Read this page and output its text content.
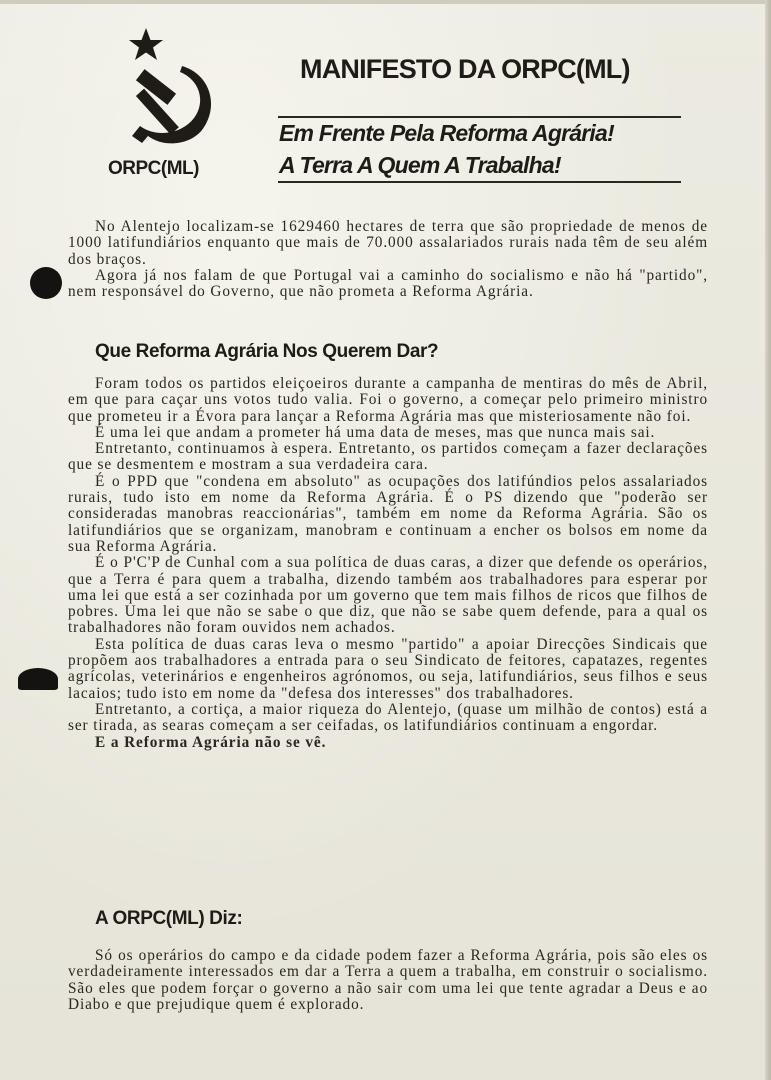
ORPC(ML)
MANIFESTO DA ORPC(ML)
Em Frente Pela Reforma Agrária!
A Terra A Quem A Trabalha!

No Alentejo localizam-se 1629460 hectares de terra que são propriedade de menos de 1000 latifundiários enquanto que mais de 70.000 assalariados rurais nada têm de seu além dos braços.

Agora já nos falam de que Portugal vai a caminho do socialismo e não há "partido", nem responsável do Governo, que não prometa a Reforma Agrária.

Que Reforma Agrária Nos Querem Dar?

Foram todos os partidos eleiçoeiros durante a campanha de mentiras do mês de Abril, em que para caçar uns votos tudo valia. Foi o governo, a começar pelo primeiro ministro que prometeu ir a Évora para lançar a Reforma Agrária mas que misteriosamente não foi.

É uma lei que andam a prometer há uma data de meses, mas que nunca mais sai.

Entretanto, continuamos à espera. Entretanto, os partidos começam a fazer declarações que se desmentem e mostram a sua verdadeira cara.

É o PPD que "condena em absoluto" as ocupações dos latifúndios pelos assalariados rurais, tudo isto em nome da Reforma Agrária. É o PS dizendo que "poderão ser consideradas manobras reaccionárias", também em nome da Reforma Agrária. São os latifundiários que se organizam, manobram e continuam a encher os bolsos em nome da sua Reforma Agrária.

É o P'C'P de Cunhal com a sua política de duas caras, a dizer que defende os operários, que a Terra é para quem a trabalha, dizendo também aos trabalhadores para esperar por uma lei que está a ser cozinhada por um governo que tem mais filhos de ricos que filhos de pobres. Uma lei que não se sabe o que diz, que não se sabe quem defende, para a qual os trabalhadores não foram ouvidos nem achados.

Esta política de duas caras leva o mesmo "partido" a apoiar Direcções Sindicais que propõem aos trabalhadores a entrada para o seu Sindicato de feitores, capatazes, regentes agrícolas, veterinários e engenheiros agrónomos, ou seja, latifundiários, seus filhos e seus lacaios; tudo isto em nome da "defesa dos interesses" dos trabalhadores.

Entretanto, a cortiça, a maior riqueza do Alentejo, (quase um milhão de contos) está a ser tirada, as searas começam a ser ceifadas, os latifundiários continuam a engordar.

E a Reforma Agrária não se vê.

A ORPC(ML) Diz:

Só os operários do campo e da cidade podem fazer a Reforma Agrária, pois são eles os verdadeiramente interessados em dar a Terra a quem a trabalha, em construir o socialismo. São eles que podem forçar o governo a não sair com uma lei que tente agradar a Deus e ao Diabo e que prejudique quem é explorado.
